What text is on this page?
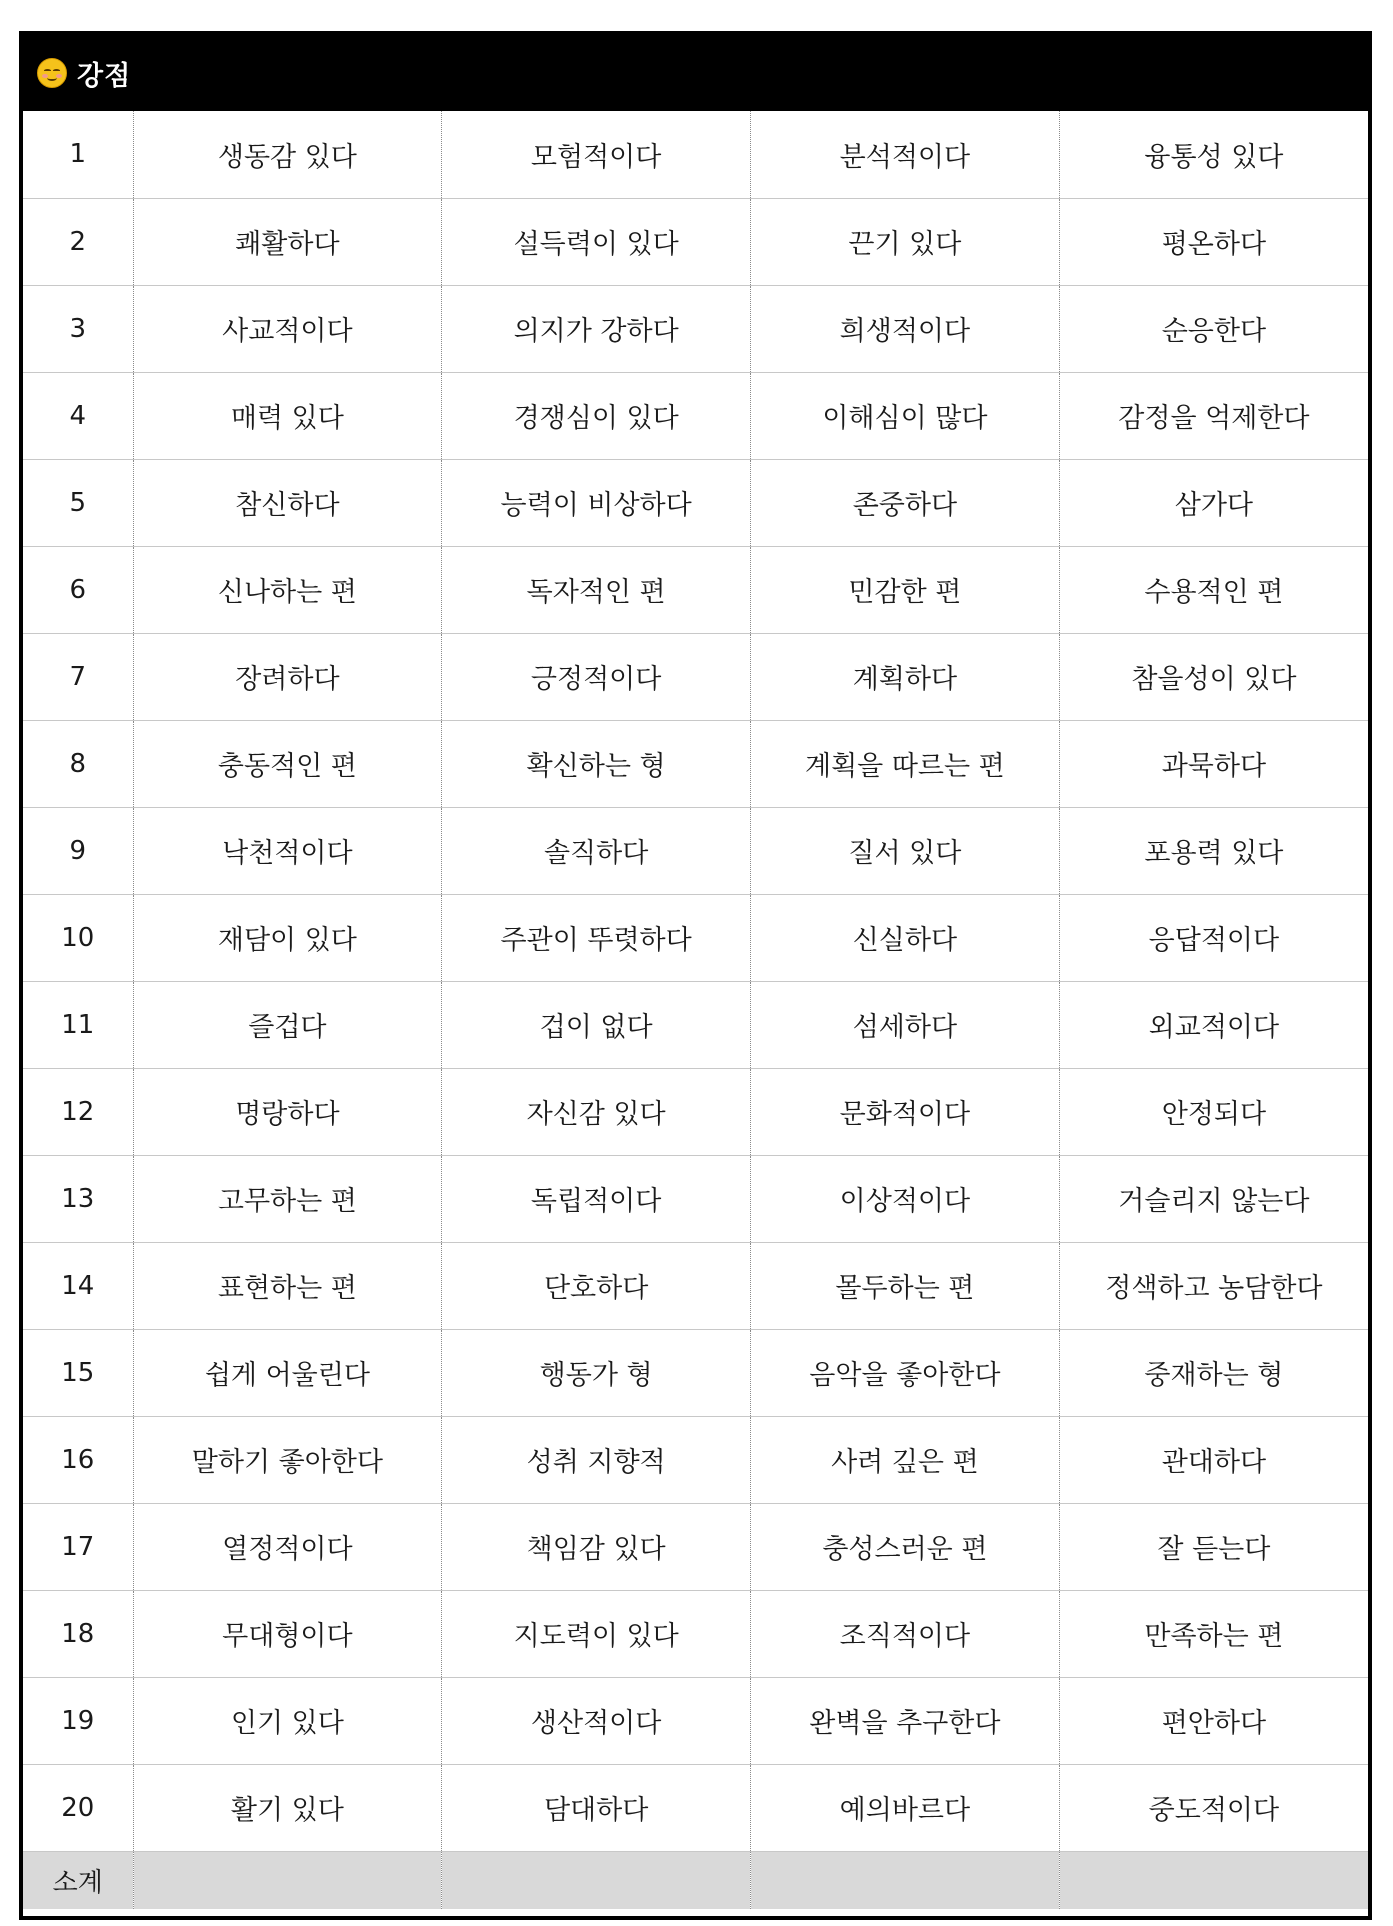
강점
1	생동감 있다	모험적이다	분석적이다	융통성 있다
2	쾌활하다	설득력이 있다	끈기 있다	평온하다
3	사교적이다	의지가 강하다	희생적이다	순응한다
4	매력 있다	경쟁심이 있다	이해심이 많다	감정을 억제한다
5	참신하다	능력이 비상하다	존중하다	삼가다
6	신나하는 편	독자적인 편	민감한 편	수용적인 편
7	장려하다	긍정적이다	계획하다	참을성이 있다
8	충동적인 편	확신하는 형	계획을 따르는 편	과묵하다
9	낙천적이다	솔직하다	질서 있다	포용력 있다
10	재담이 있다	주관이 뚜렷하다	신실하다	응답적이다
11	즐겁다	겁이 없다	섬세하다	외교적이다
12	명랑하다	자신감 있다	문화적이다	안정되다
13	고무하는 편	독립적이다	이상적이다	거슬리지 않는다
14	표현하는 편	단호하다	몰두하는 편	정색하고 농담한다
15	쉽게 어울린다	행동가 형	음악을 좋아한다	중재하는 형
16	말하기 좋아한다	성취 지향적	사려 깊은 편	관대하다
17	열정적이다	책임감 있다	충성스러운 편	잘 듣는다
18	무대형이다	지도력이 있다	조직적이다	만족하는 편
19	인기 있다	생산적이다	완벽을 추구한다	편안하다
20	활기 있다	담대하다	예의바르다	중도적이다
소계				
